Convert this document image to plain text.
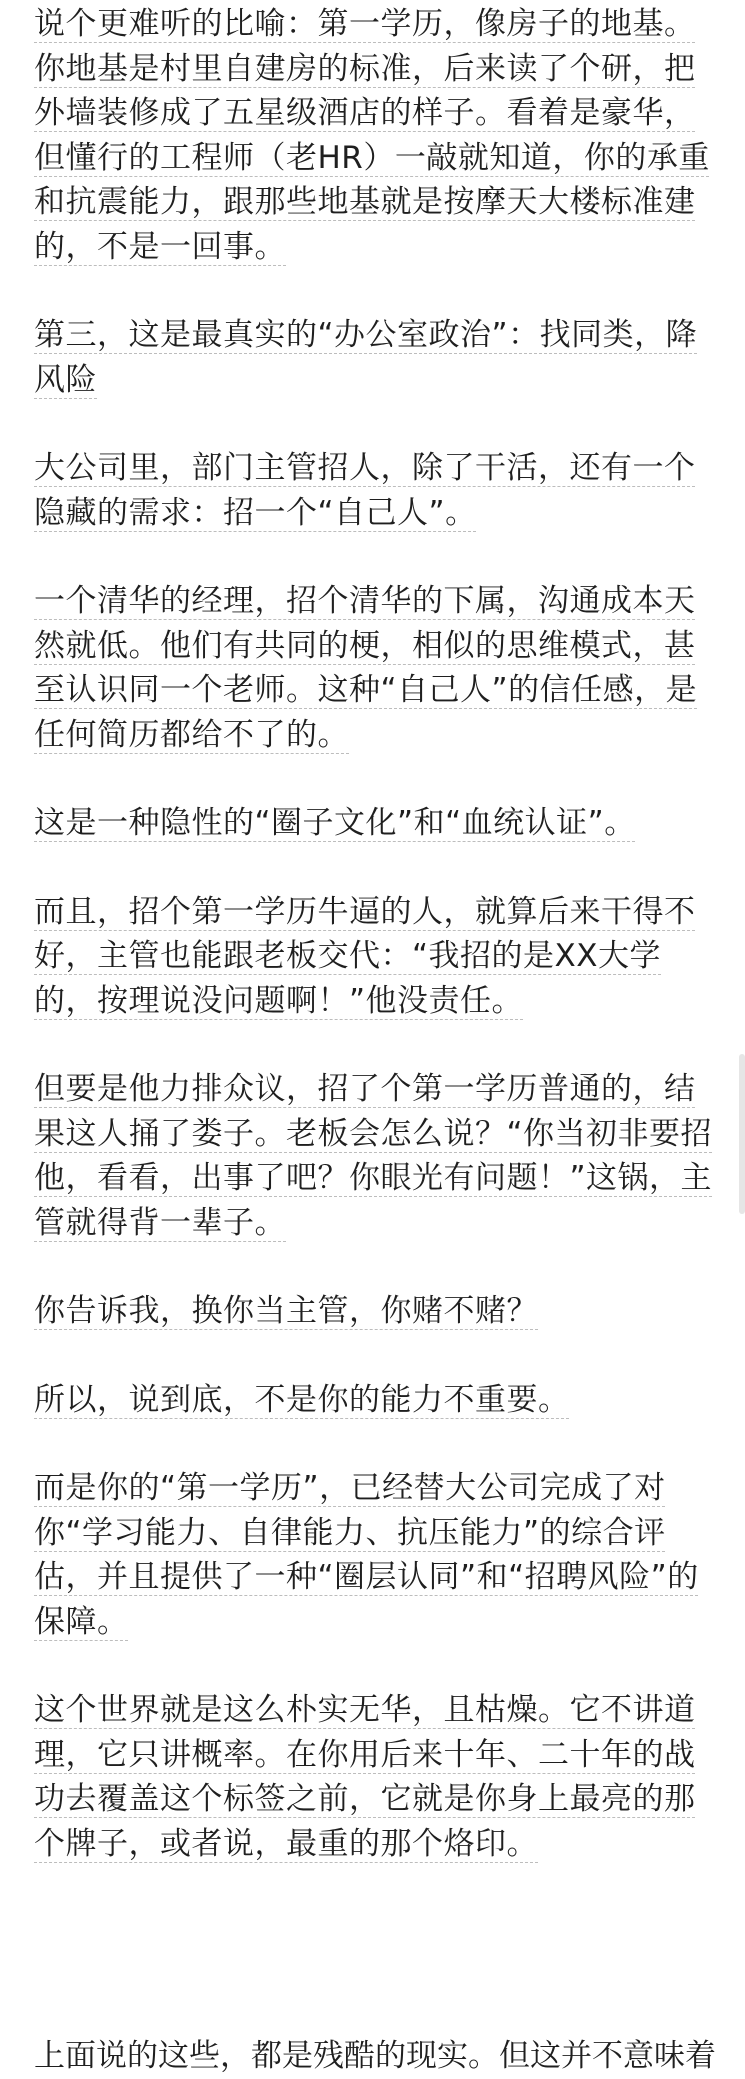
说个更难听的比喻：第一学历，像房子的地基。你地基是村里自建房的标准，后来读了个研，把外墙装修成了五星级酒店的样子。看着是豪华，但懂行的工程师（老HR）一敲就知道，你的承重和抗震能力，跟那些地基就是按摩天大楼标准建的，不是一回事。

第三，这是最真实的“办公室政治”：找同类，降风险

大公司里，部门主管招人，除了干活，还有一个隐藏的需求：招一个“自己人”。

一个清华的经理，招个清华的下属，沟通成本天然就低。他们有共同的梗，相似的思维模式，甚至认识同一个老师。这种“自己人”的信任感，是任何简历都给不了的。

这是一种隐性的“圈子文化”和“血统认证”。

而且，招个第一学历牛逼的人，就算后来干得不好，主管也能跟老板交代：“我招的是XX大学的，按理说没问题啊！”他没责任。

但要是他力排众议，招了个第一学历普通的，结果这人捅了娄子。老板会怎么说？“你当初非要招他，看看，出事了吧？你眼光有问题！”这锅，主管就得背一辈子。

你告诉我，换你当主管，你赌不赌？

所以，说到底，不是你的能力不重要。

而是你的“第一学历”，已经替大公司完成了对你“学习能力、自律能力、抗压能力”的综合评估，并且提供了一种“圈层认同”和“招聘风险”的保障。

这个世界就是这么朴实无华，且枯燥。它不讲道理，它只讲概率。在你用后来十年、二十年的战功去覆盖这个标签之前，它就是你身上最亮的那个牌子，或者说，最重的那个烙印。

上面说的这些，都是残酷的现实。但这并不意味着
